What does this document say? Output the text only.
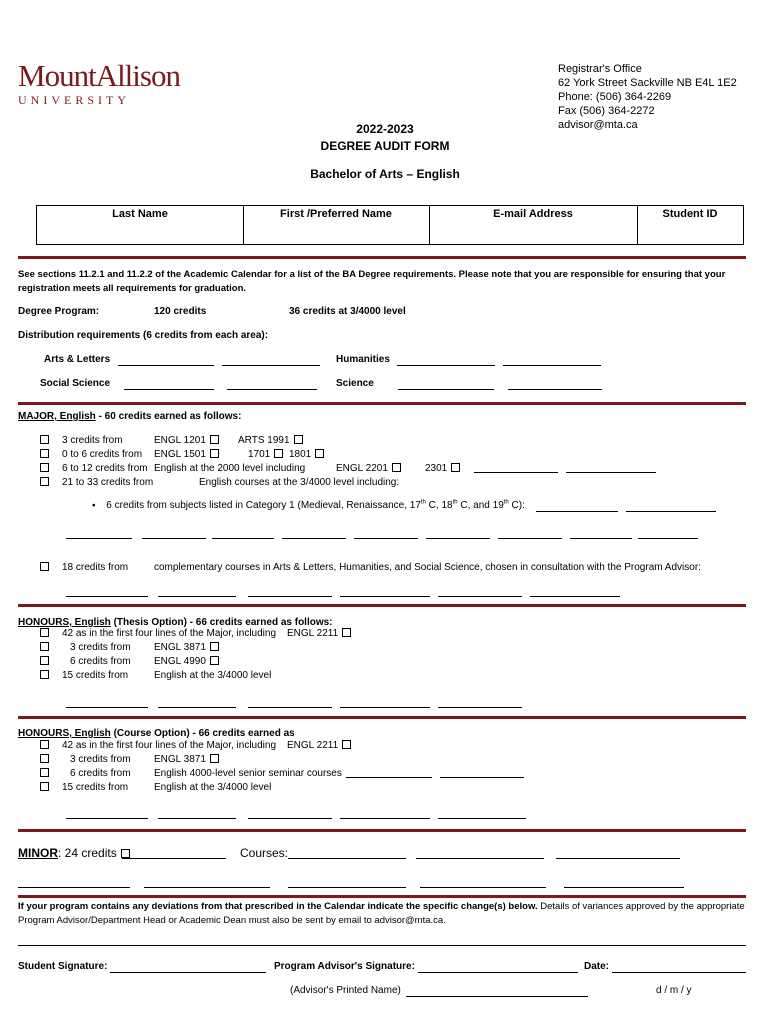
MountAllison
UNIVERSITY
Registrar's Office
62 York Street Sackville NB E4L 1E2
Phone: (506) 364-2269
Fax (506) 364-2272
advisor@mta.ca
2022-2023
DEGREE AUDIT FORM
Bachelor of Arts – English
Last Name	First /Preferred Name	E-mail Address	Student ID
See sections 11.2.1 and 11.2.2 of the Academic Calendar for a list of the BA Degree requirements. Please note that you are responsible for ensuring that your registration meets all requirements for graduation.
Degree Program:	120 credits	36 credits at 3/4000 level
Distribution requirements (6 credits from each area):
Arts & Letters	Humanities
Social Science	Science
MAJOR, English - 60 credits earned as follows:
3 credits from	ENGL 1201	ARTS 1991
0 to 6 credits from ENGL 1501	1701	1801
6 to 12 credits from English at the 2000 level including	ENGL 2201	2301
21 to 33 credits from	English courses at the 3/4000 level including:
• 6 credits from subjects listed in Category 1 (Medieval, Renaissance, 17th C, 18th C, and 19th C):
18 credits from	complementary courses in Arts & Letters, Humanities, and Social Science, chosen in consultation with the Program Advisor:
HONOURS, English (Thesis Option) - 66 credits earned as follows:
42 as in the first four lines of the Major, including ENGL 2211
3 credits from ENGL 3871
6 credits from ENGL 4990
15 credits from	English at the 3/4000 level
HONOURS, English (Course Option) - 66 credits earned as
42 as in the first four lines of the Major, including ENGL 2211
3 credits from ENGL 3871
6 credits from English 4000-level senior seminar courses
15 credits from	English at the 3/4000 level
MINOR: 24 credits	Courses:
If your program contains any deviations from that prescribed in the Calendar indicate the specific change(s) below. Details of variances approved by the appropriate Program Advisor/Department Head or Academic Dean must also be sent by email to advisor@mta.ca.
Student Signature:	Program Advisor's Signature:	Date:
(Advisor's Printed Name)	d / m / y
